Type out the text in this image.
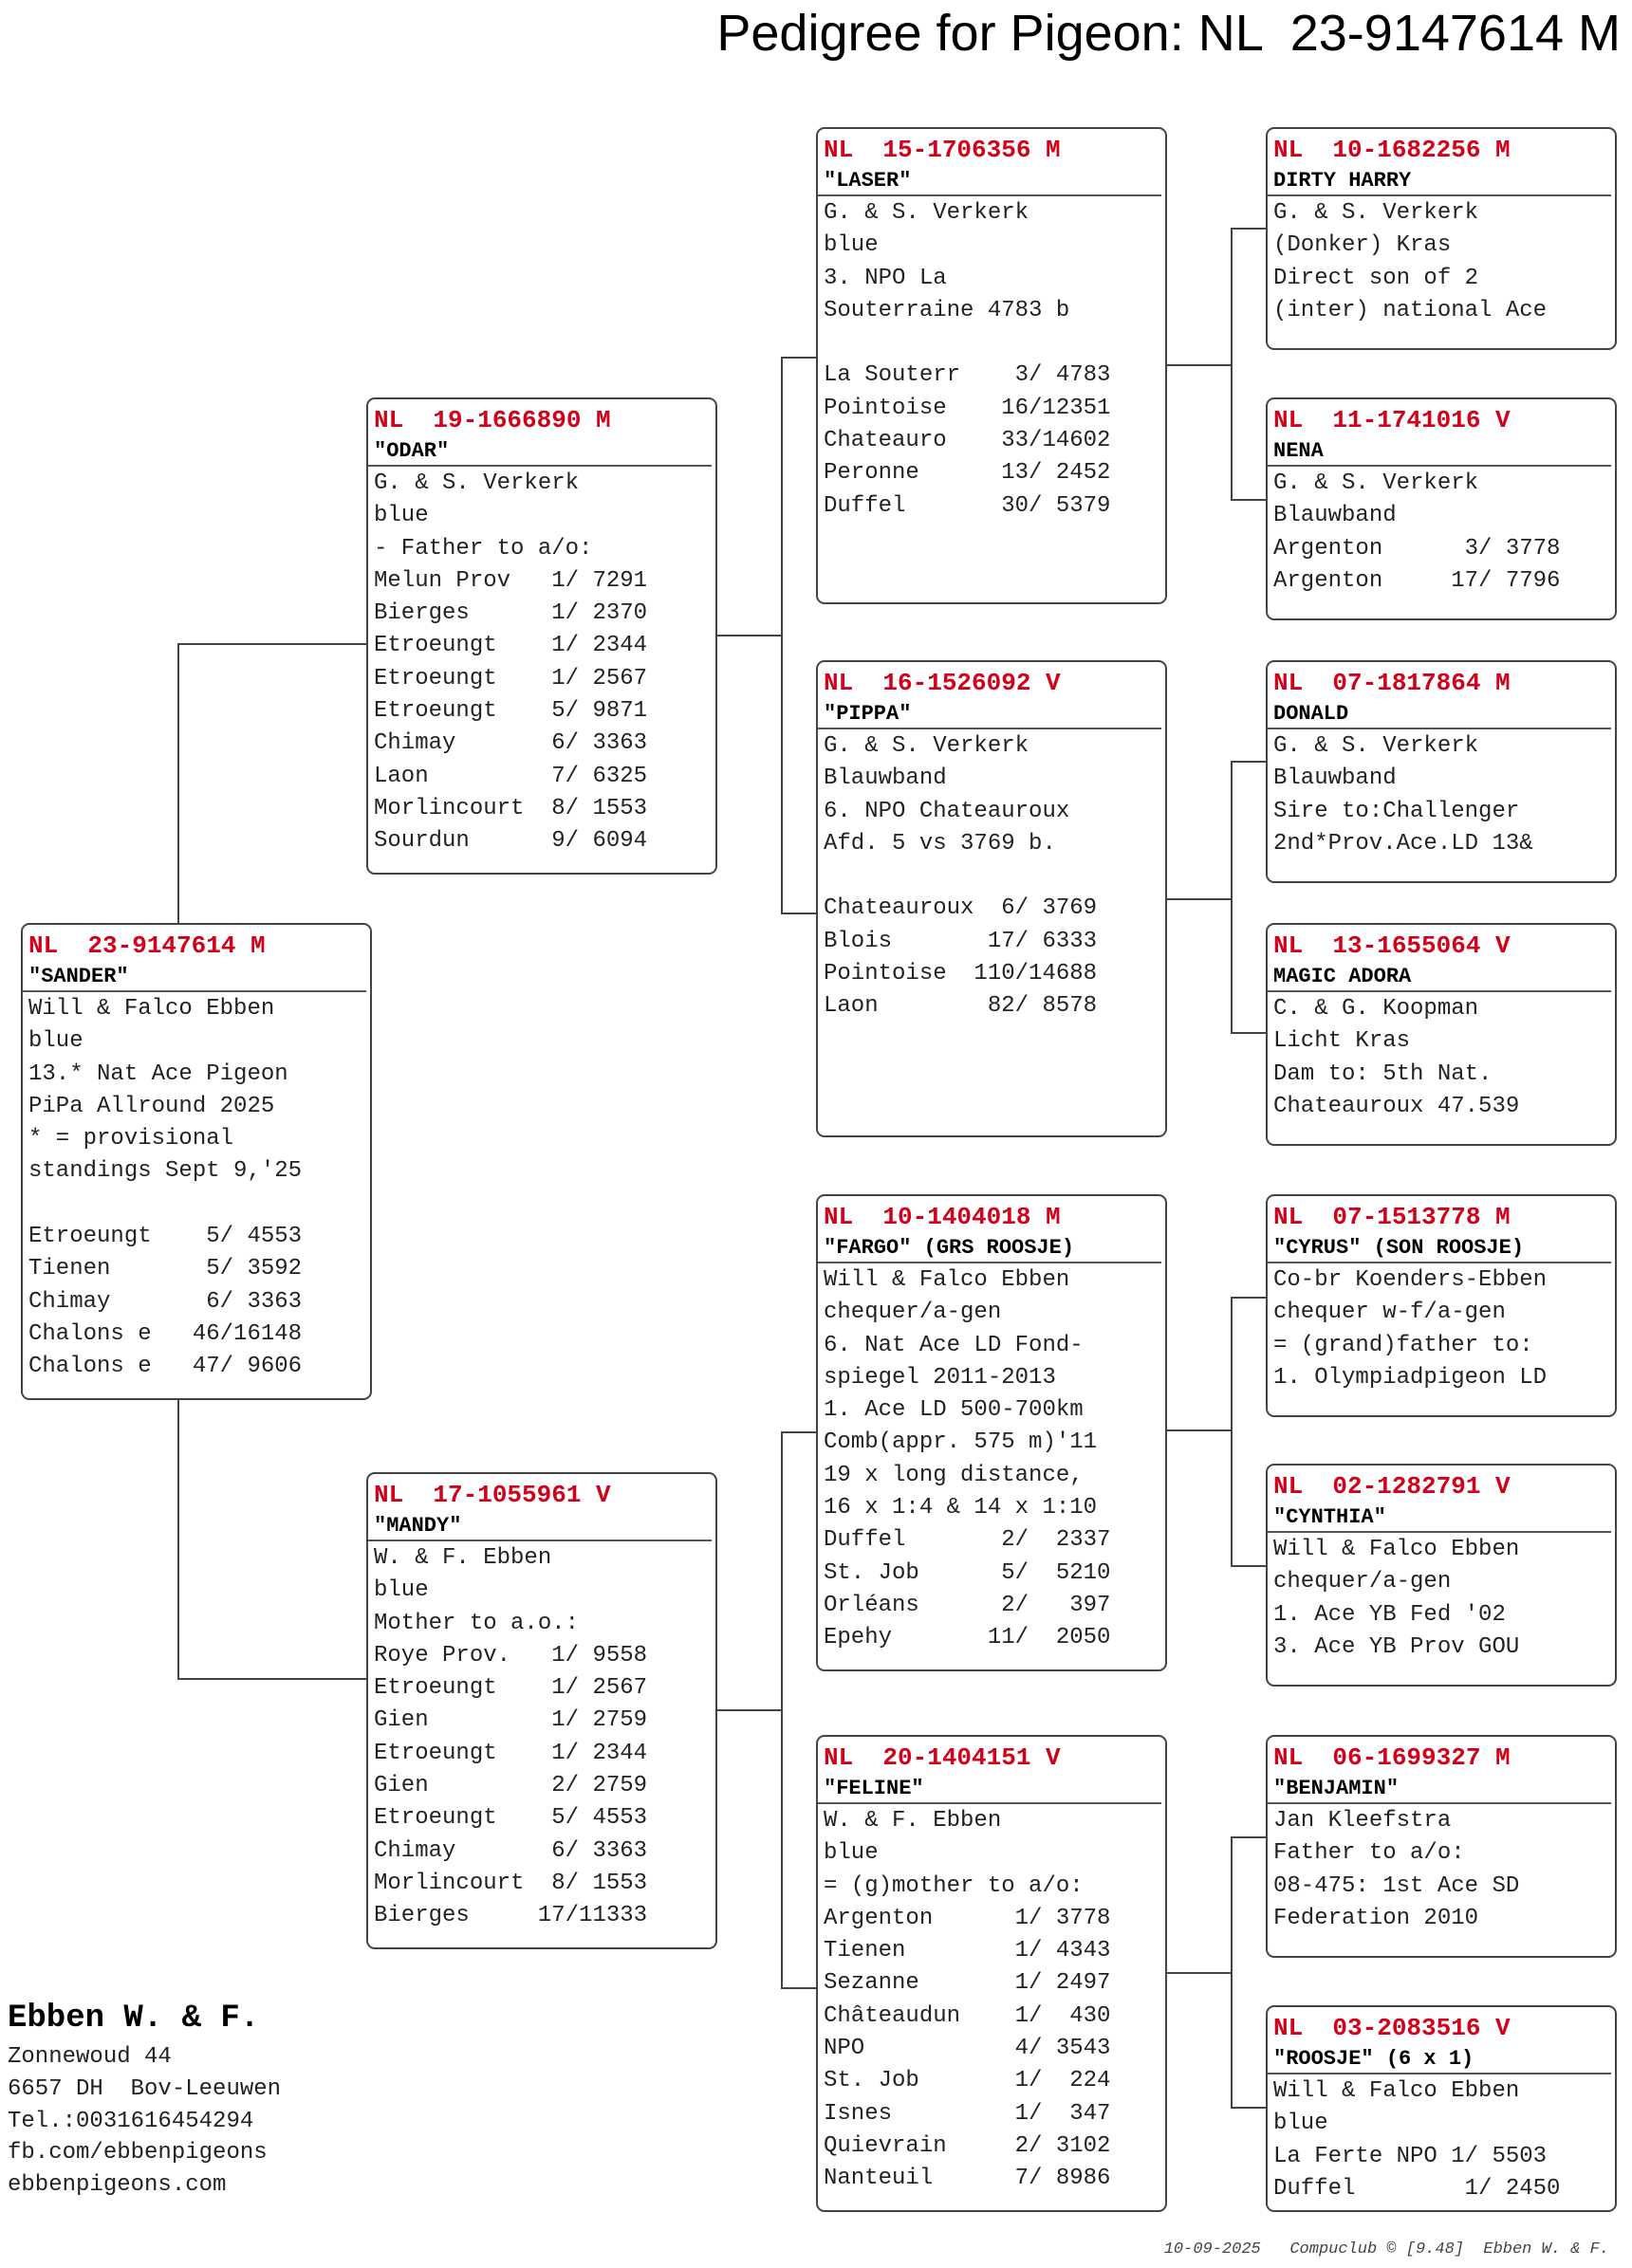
Pedigree for Pigeon: NL  23-9147614 M
NL  23-9147614 M
"SANDER"
Will & Falco Ebben
blue
13.* Nat Ace Pigeon
PiPa Allround 2025
* = provisional
standings Sept 9,'25
Etroeungt    5/ 4553
Tienen       5/ 3592
Chimay       6/ 3363
Chalons e   46/16148
Chalons e   47/ 9606
NL  19-1666890 M
"ODAR"
G. & S. Verkerk
blue
- Father to a/o:
Melun Prov   1/ 7291
Bierges      1/ 2370
Etroeungt    1/ 2344
Etroeungt    1/ 2567
Etroeungt    5/ 9871
Chimay       6/ 3363
Laon         7/ 6325
Morlincourt  8/ 1553
Sourdun      9/ 6094
NL  17-1055961 V
"MANDY"
W. & F. Ebben
blue
Mother to a.o.:
Roye Prov.   1/ 9558
Etroeungt    1/ 2567
Gien         1/ 2759
Etroeungt    1/ 2344
Gien         2/ 2759
Etroeungt    5/ 4553
Chimay       6/ 3363
Morlincourt  8/ 1553
Bierges     17/11333
NL  15-1706356 M
"LASER"
G. & S. Verkerk
blue
3. NPO La
Souterraine 4783 b
La Souterr    3/ 4783
Pointoise    16/12351
Chateauro    33/14602
Peronne      13/ 2452
Duffel       30/ 5379
NL  16-1526092 V
"PIPPA"
G. & S. Verkerk
Blauwband
6. NPO Chateauroux
Afd. 5 vs 3769 b.
Chateauroux  6/ 3769
Blois       17/ 6333
Pointoise  110/14688
Laon        82/ 8578
NL  10-1404018 M
"FARGO" (GRS ROOSJE)
Will & Falco Ebben
chequer/a-gen
6. Nat Ace LD Fond-
spiegel 2011-2013
1. Ace LD 500-700km
Comb(appr. 575 m)'11
19 x long distance,
16 x 1:4 & 14 x 1:10
Duffel       2/  2337
St. Job      5/  5210
Orléans      2/   397
Epehy       11/  2050
NL  20-1404151 V
"FELINE"
W. & F. Ebben
blue
= (g)mother to a/o:
Argenton      1/ 3778
Tienen        1/ 4343
Sezanne       1/ 2497
Châteaudun    1/  430
NPO           4/ 3543
St. Job       1/  224
Isnes         1/  347
Quievrain     2/ 3102
Nanteuil      7/ 8986
NL  10-1682256 M
DIRTY HARRY
G. & S. Verkerk
(Donker) Kras
Direct son of 2
(inter) national Ace
NL  11-1741016 V
NENA
G. & S. Verkerk
Blauwband
Argenton      3/ 3778
Argenton     17/ 7796
NL  07-1817864 M
DONALD
G. & S. Verkerk
Blauwband
Sire to:Challenger
2nd*Prov.Ace.LD 13&
NL  13-1655064 V
MAGIC ADORA
C. & G. Koopman
Licht Kras
Dam to: 5th Nat.
Chateauroux 47.539
NL  07-1513778 M
"CYRUS" (SON ROOSJE)
Co-br Koenders-Ebben
chequer w-f/a-gen
= (grand)father to:
1. Olympiadpigeon LD
NL  02-1282791 V
"CYNTHIA"
Will & Falco Ebben
chequer/a-gen
1. Ace YB Fed '02
3. Ace YB Prov GOU
NL  06-1699327 M
"BENJAMIN"
Jan Kleefstra
Father to a/o:
08-475: 1st Ace SD
Federation 2010
NL  03-2083516 V
"ROOSJE" (6 x 1)
Will & Falco Ebben
blue
La Ferte NPO 1/ 5503
Duffel        1/ 2450
Ebben W. & F.
Zonnewoud 44
6657 DH  Bov-Leeuwen
Tel.:0031616454294
fb.com/ebbenpigeons
ebbenpigeons.com
10-09-2025   Compuclub © [9.48]  Ebben W. & F.
